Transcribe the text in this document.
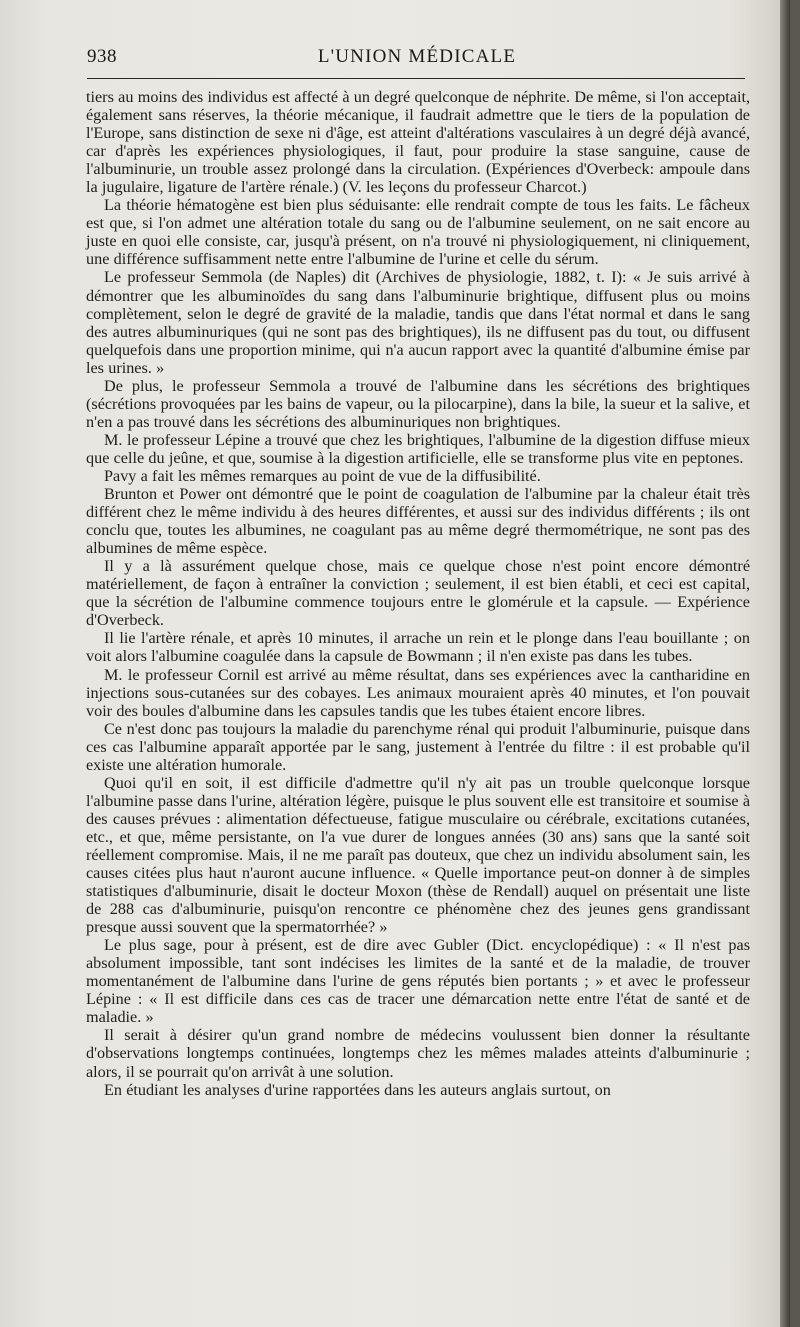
938	L'UNION MÉDICALE

tiers au moins des individus est affecté à un degré quelconque de néphrite. De même, si l'on acceptait, également sans réserves, la théorie mécanique, il faudrait admettre que le tiers de la population de l'Europe, sans distinction de sexe ni d'âge, est atteint d'altérations vasculaires à un degré déjà avancé, car d'après les expériences physiologiques, il faut, pour produire la stase sanguine, cause de l'albuminurie, un trouble assez prolongé dans la circulation. (Expériences d'Overbeck: ampoule dans la jugulaire, ligature de l'artère rénale.) (V. les leçons du professeur Charcot.)

La théorie hématogène est bien plus séduisante: elle rendrait compte de tous les faits. Le fâcheux est que, si l'on admet une altération totale du sang ou de l'albumine seulement, on ne sait encore au juste en quoi elle consiste, car, jusqu'à présent, on n'a trouvé ni physiologiquement, ni cliniquement, une différence suffisamment nette entre l'albumine de l'urine et celle du sérum.

Le professeur Semmola (de Naples) dit (Archives de physiologie, 1882, t. I): « Je suis arrivé à démontrer que les albuminoïdes du sang dans l'albuminurie brightique, diffusent plus ou moins complètement, selon le degré de gravité de la maladie, tandis que dans l'état normal et dans le sang des autres albuminuriques (qui ne sont pas des brightiques), ils ne diffusent pas du tout, ou diffusent quelquefois dans une proportion minime, qui n'a aucun rapport avec la quantité d'albumine émise par les urines. »

De plus, le professeur Semmola a trouvé de l'albumine dans les sécrétions des brightiques (sécrétions provoquées par les bains de vapeur, ou la pilocarpine), dans la bile, la sueur et la salive, et n'en a pas trouvé dans les sécrétions des albuminuriques non brightiques.

M. le professeur Lépine a trouvé que chez les brightiques, l'albumine de la digestion diffuse mieux que celle du jeûne, et que, soumise à la digestion artificielle, elle se transforme plus vite en peptones.

Pavy a fait les mêmes remarques au point de vue de la diffusibilité.

Brunton et Power ont démontré que le point de coagulation de l'albumine par la chaleur était très différent chez le même individu à des heures différentes, et aussi sur des individus différents ; ils ont conclu que, toutes les albumines, ne coagulant pas au même degré thermométrique, ne sont pas des albumines de même espèce.

Il y a là assurément quelque chose, mais ce quelque chose n'est point encore démontré matériellement, de façon à entraîner la conviction ; seulement, il est bien établi, et ceci est capital, que la sécrétion de l'albumine commence toujours entre le glomérule et la capsule. — Expérience d'Overbeck.

Il lie l'artère rénale, et après 10 minutes, il arrache un rein et le plonge dans l'eau bouillante ; on voit alors l'albumine coagulée dans la capsule de Bowmann ; il n'en existe pas dans les tubes.

M. le professeur Cornil est arrivé au même résultat, dans ses expériences avec la cantharidine en injections sous-cutanées sur des cobayes. Les animaux mouraient après 40 minutes, et l'on pouvait voir des boules d'albumine dans les capsules tandis que les tubes étaient encore libres.

Ce n'est donc pas toujours la maladie du parenchyme rénal qui produit l'albuminurie, puisque dans ces cas l'albumine apparaît apportée par le sang, justement à l'entrée du filtre : il est probable qu'il existe une altération humorale.

Quoi qu'il en soit, il est difficile d'admettre qu'il n'y ait pas un trouble quelconque lorsque l'albumine passe dans l'urine, altération légère, puisque le plus souvent elle est transitoire et soumise à des causes prévues : alimentation défectueuse, fatigue musculaire ou cérébrale, excitations cutanées, etc., et que, même persistante, on l'a vue durer de longues années (30 ans) sans que la santé soit réellement compromise. Mais, il ne me paraît pas douteux, que chez un individu absolument sain, les causes citées plus haut n'auront aucune influence. « Quelle importance peut-on donner à de simples statistiques d'albuminurie, disait le docteur Moxon (thèse de Rendall) auquel on présentait une liste de 288 cas d'albuminurie, puisqu'on rencontre ce phénomène chez des jeunes gens grandissant presque aussi souvent que la spermatorrhée? »

Le plus sage, pour à présent, est de dire avec Gubler (Dict. encyclopédique) : « Il n'est pas absolument impossible, tant sont indécises les limites de la santé et de la maladie, de trouver momentanément de l'albumine dans l'urine de gens réputés bien portants ; » et avec le professeur Lépine : « Il est difficile dans ces cas de tracer une démarcation nette entre l'état de santé et de maladie. »

Il serait à désirer qu'un grand nombre de médecins voulussent bien donner la résultante d'observations longtemps continuées, longtemps chez les mêmes malades atteints d'albuminurie ; alors, il se pourrait qu'on arrivât à une solution.

En étudiant les analyses d'urine rapportées dans les auteurs anglais surtout, on
